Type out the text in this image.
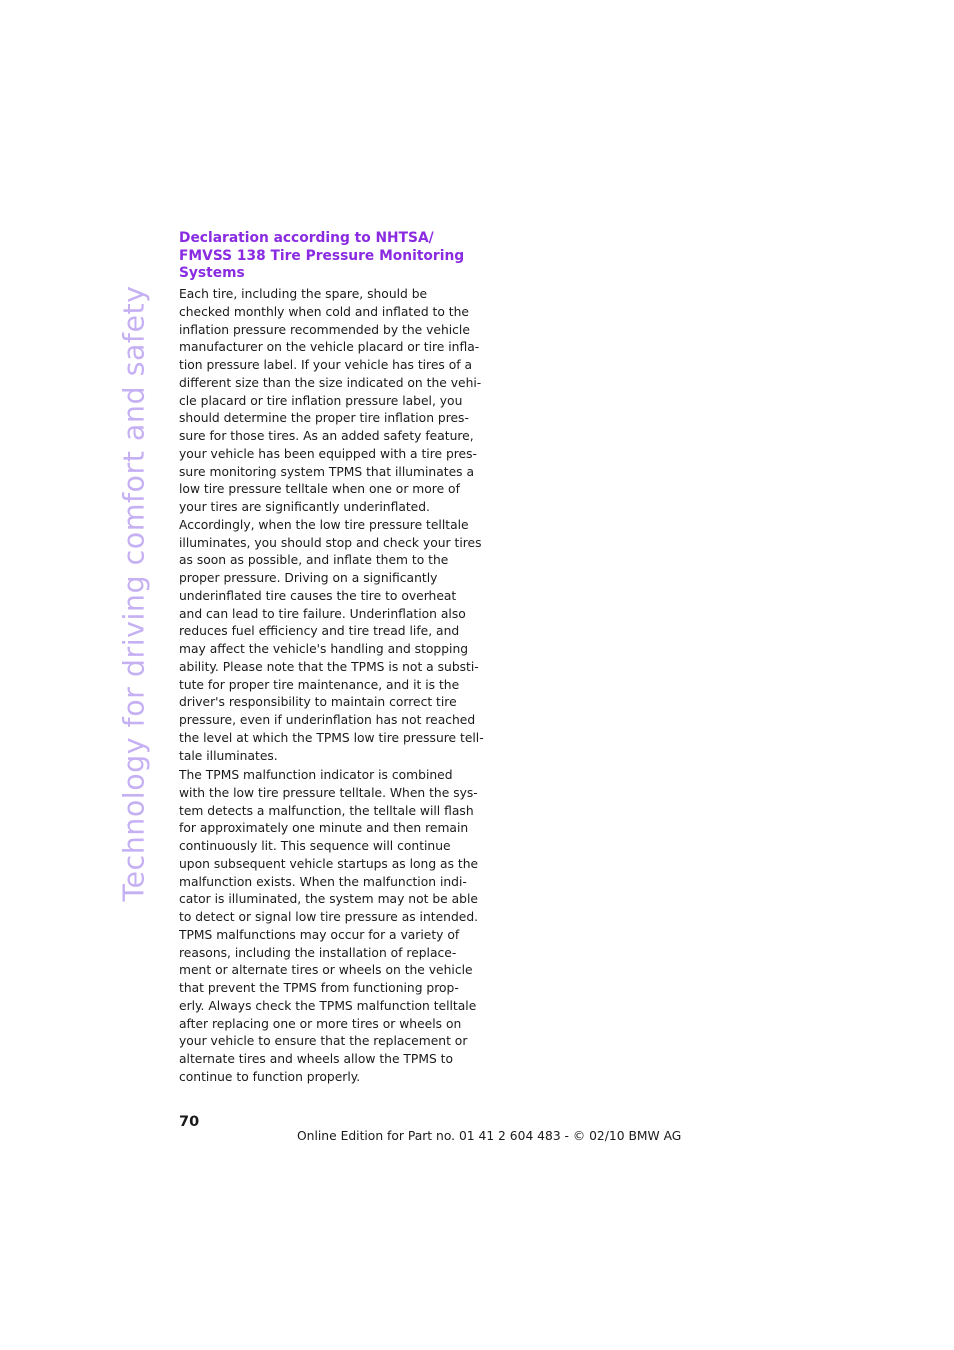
Technology for driving comfort and safety
Declaration according to NHTSA/
FMVSS 138 Tire Pressure Monitoring
Systems
Each tire, including the spare, should be
checked monthly when cold and inflated to the
inflation pressure recommended by the vehicle
manufacturer on the vehicle placard or tire infla-
tion pressure label. If your vehicle has tires of a
different size than the size indicated on the vehi-
cle placard or tire inflation pressure label, you
should determine the proper tire inflation pres-
sure for those tires. As an added safety feature,
your vehicle has been equipped with a tire pres-
sure monitoring system TPMS that illuminates a
low tire pressure telltale when one or more of
your tires are significantly underinflated.
Accordingly, when the low tire pressure telltale
illuminates, you should stop and check your tires
as soon as possible, and inflate them to the
proper pressure. Driving on a significantly
underinflated tire causes the tire to overheat
and can lead to tire failure. Underinflation also
reduces fuel efficiency and tire tread life, and
may affect the vehicle's handling and stopping
ability. Please note that the TPMS is not a substi-
tute for proper tire maintenance, and it is the
driver's responsibility to maintain correct tire
pressure, even if underinflation has not reached
the level at which the TPMS low tire pressure tell-
tale illuminates.
The TPMS malfunction indicator is combined
with the low tire pressure telltale. When the sys-
tem detects a malfunction, the telltale will flash
for approximately one minute and then remain
continuously lit. This sequence will continue
upon subsequent vehicle startups as long as the
malfunction exists. When the malfunction indi-
cator is illuminated, the system may not be able
to detect or signal low tire pressure as intended.
TPMS malfunctions may occur for a variety of
reasons, including the installation of replace-
ment or alternate tires or wheels on the vehicle
that prevent the TPMS from functioning prop-
erly. Always check the TPMS malfunction telltale
after replacing one or more tires or wheels on
your vehicle to ensure that the replacement or
alternate tires and wheels allow the TPMS to
continue to function properly.
70
Online Edition for Part no. 01 41 2 604 483 - © 02/10 BMW AG
